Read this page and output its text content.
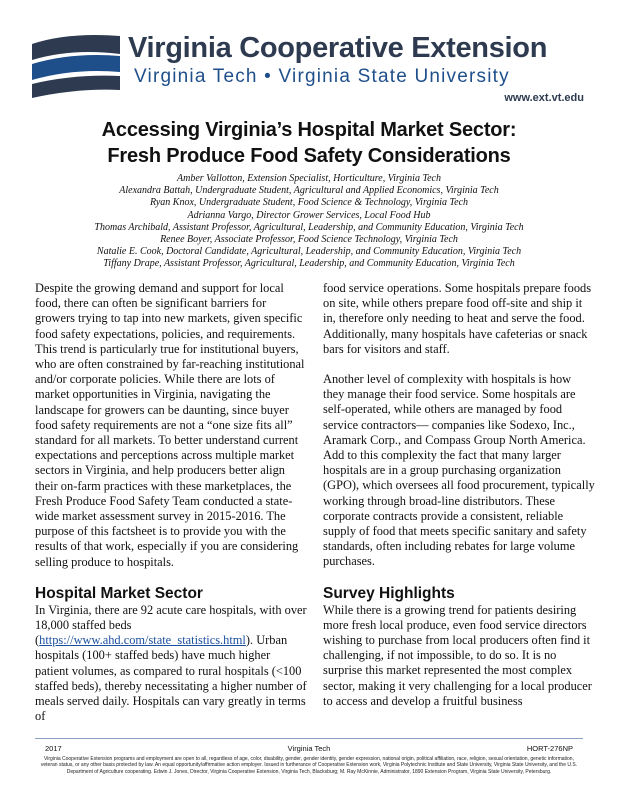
Virginia Cooperative Extension
Virginia Tech • Virginia State University
www.ext.vt.edu
Accessing Virginia’s Hospital Market Sector:
Fresh Produce Food Safety Considerations
Amber Vallotton, Extension Specialist, Horticulture, Virginia Tech
Alexandra Battah, Undergraduate Student, Agricultural and Applied Economics, Virginia Tech
Ryan Knox, Undergraduate Student, Food Science & Technology, Virginia Tech
Adrianna Vargo, Director Grower Services, Local Food Hub
Thomas Archibald, Assistant Professor, Agricultural, Leadership, and Community Education, Virginia Tech
Renee Boyer, Associate Professor, Food Science Technology, Virginia Tech
Natalie E. Cook, Doctoral Candidate, Agricultural, Leadership, and Community Education, Virginia Tech
Tiffany Drape, Assistant Professor, Agricultural, Leadership, and Community Education, Virginia Tech

Despite the growing demand and support for local food, there can often be significant barriers for growers trying to tap into new markets, given specific food safety expectations, policies, and requirements. This trend is particularly true for institutional buyers, who are often constrained by far-reaching institutional and/or corporate policies. While there are lots of market opportunities in Virginia, navigating the landscape for growers can be daunting, since buyer food safety requirements are not a “one size fits all” standard for all markets. To better understand current expectations and perceptions across multiple market sectors in Virginia, and help producers better align their on-farm practices with these marketplaces, the Fresh Produce Food Safety Team conducted a state-wide market assessment survey in 2015-2016. The purpose of this factsheet is to provide you with the results of that work, especially if you are considering selling produce to hospitals.

Hospital Market Sector

In Virginia, there are 92 acute care hospitals, with over 18,000 staffed beds (https://www.ahd.com/state_statistics.html). Urban hospitals (100+ staffed beds) have much higher patient volumes, as compared to rural hospitals (<100 staffed beds), thereby necessitating a higher number of meals served daily. Hospitals can vary greatly in terms of

food service operations. Some hospitals prepare foods on site, while others prepare food off-site and ship it in, therefore only needing to heat and serve the food. Additionally, many hospitals have cafeterias or snack bars for visitors and staff.

Another level of complexity with hospitals is how they manage their food service. Some hospitals are self-operated, while others are managed by food service contractors— companies like Sodexo, Inc., Aramark Corp., and Compass Group North America. Add to this complexity the fact that many larger hospitals are in a group purchasing organization (GPO), which oversees all food procurement, typically working through broad-line distributors. These corporate contracts provide a consistent, reliable supply of food that meets specific sanitary and safety standards, often including rebates for large volume purchases.

Survey Highlights

While there is a growing trend for patients desiring more fresh local produce, even food service directors wishing to purchase from local producers often find it challenging, if not impossible, to do so. It is no surprise this market represented the most complex sector, making it very challenging for a local producer to access and develop a fruitful business

2017	Virginia Tech	HORT-276NP
Virginia Cooperative Extension programs and employment are open to all, regardless of age, color, disability, gender, gender identity, gender expression, national origin, political affiliation, race, religion, sexual orientation, genetic information, veteran status, or any other basis protected by law. An equal opportunity/affirmative action employer. Issued in furtherance of Cooperative Extension work, Virginia Polytechnic Institute and State University, Virginia State University, and the U.S. Department of Agriculture cooperating. Edwin J. Jones, Director, Virginia Cooperative Extension, Virginia Tech, Blacksburg; M. Ray McKinnie, Administrator, 1890 Extension Program, Virginia State University, Petersburg.
